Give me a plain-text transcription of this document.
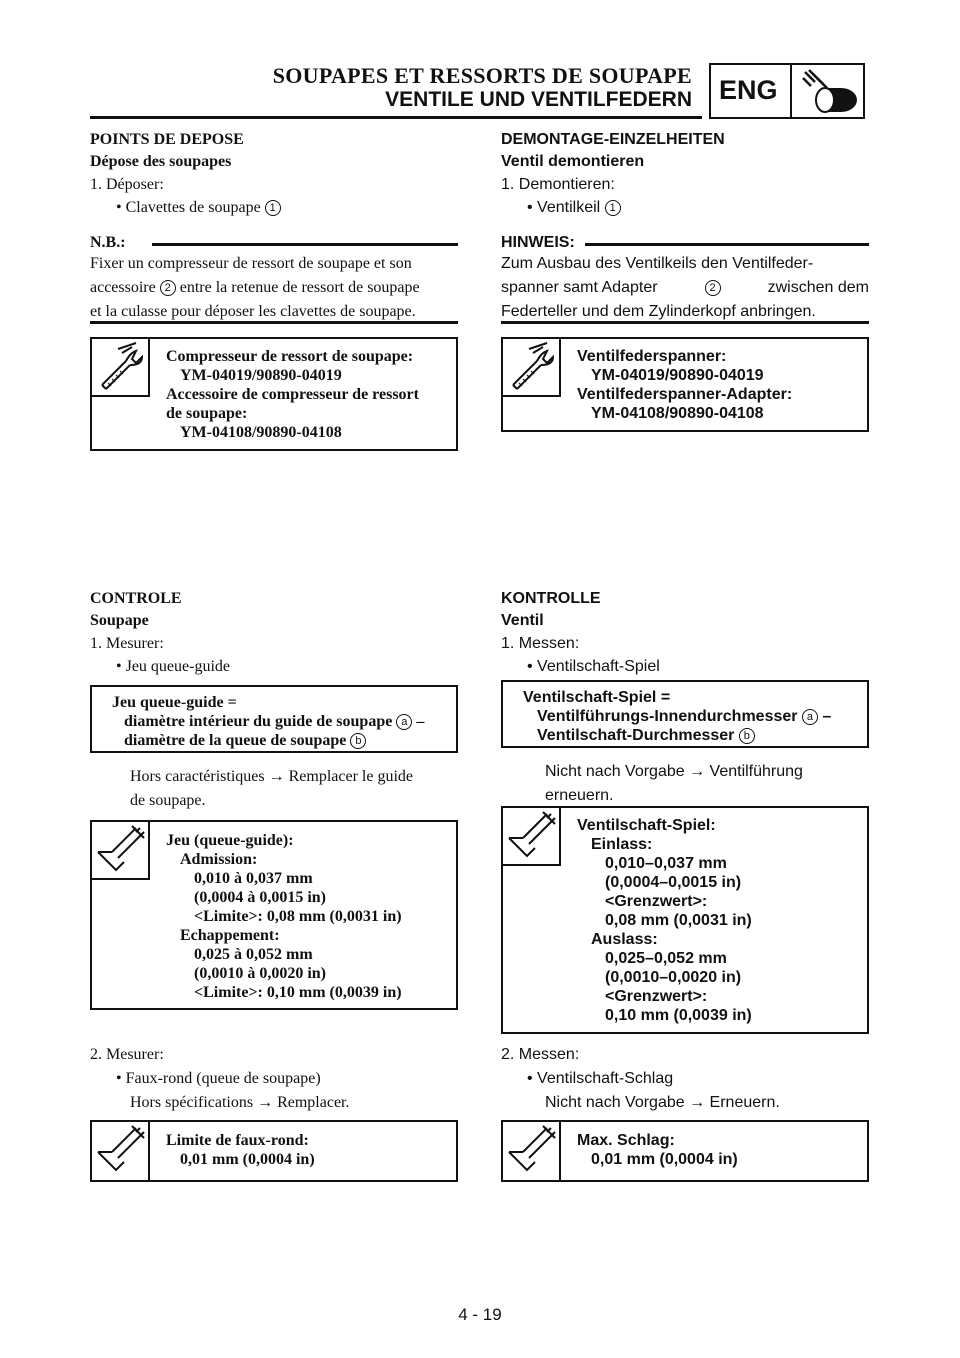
SOUPAPES ET RESSORTS DE SOUPAPE
VENTILE UND VENTILFEDERN ENG
POINTS DE DEPOSE
Dépose des soupapes
1. Déposer:
• Clavettes de soupape 1
N.B.:
Fixer un compresseur de ressort de soupape et son
accessoire 2 entre la retenue de ressort de soupape
et la culasse pour déposer les clavettes de soupape.
Compresseur de ressort de soupape:
YM-04019/90890-04019
Accessoire de compresseur de ressort
de soupape:
YM-04108/90890-04108
CONTROLE
Soupape
1. Mesurer:
• Jeu queue-guide
Jeu queue-guide =
diamètre intérieur du guide de soupape a –
diamètre de la queue de soupape b
Hors caractéristiques → Remplacer le guide
de soupape.
Jeu (queue-guide):
Admission:
0,010 à 0,037 mm
(0,0004 à 0,0015 in)
<Limite>: 0,08 mm (0,0031 in)
Echappement:
0,025 à 0,052 mm
(0,0010 à 0,0020 in)
<Limite>: 0,10 mm (0,0039 in)
2. Mesurer:
• Faux-rond (queue de soupape)
Hors spécifications → Remplacer.
Limite de faux-rond:
0,01 mm (0,0004 in)
DEMONTAGE-EINZELHEITEN
Ventil demontieren
1. Demontieren:
• Ventilkeil 1
HINWEIS:
Zum Ausbau des Ventilkeils den Ventilfeder-
spanner samt Adapter	2	zwischen dem
Federteller und dem Zylinderkopf anbringen.
Ventilfederspanner:
YM-04019/90890-04019
Ventilfederspanner-Adapter:
YM-04108/90890-04108
KONTROLLE
Ventil
1. Messen:
• Ventilschaft-Spiel
Ventilschaft-Spiel =
Ventilführungs-Innendurchmesser a –
Ventilschaft-Durchmesser b
Nicht nach Vorgabe → Ventilführung
erneuern.
Ventilschaft-Spiel:
Einlass:
0,010–0,037 mm
(0,0004–0,0015 in)
<Grenzwert>:
0,08 mm (0,0031 in)
Auslass:
0,025–0,052 mm
(0,0010–0,0020 in)
<Grenzwert>:
0,10 mm (0,0039 in)
2. Messen:
• Ventilschaft-Schlag
Nicht nach Vorgabe → Erneuern.
Max. Schlag:
0,01 mm (0,0004 in)
4 - 19
